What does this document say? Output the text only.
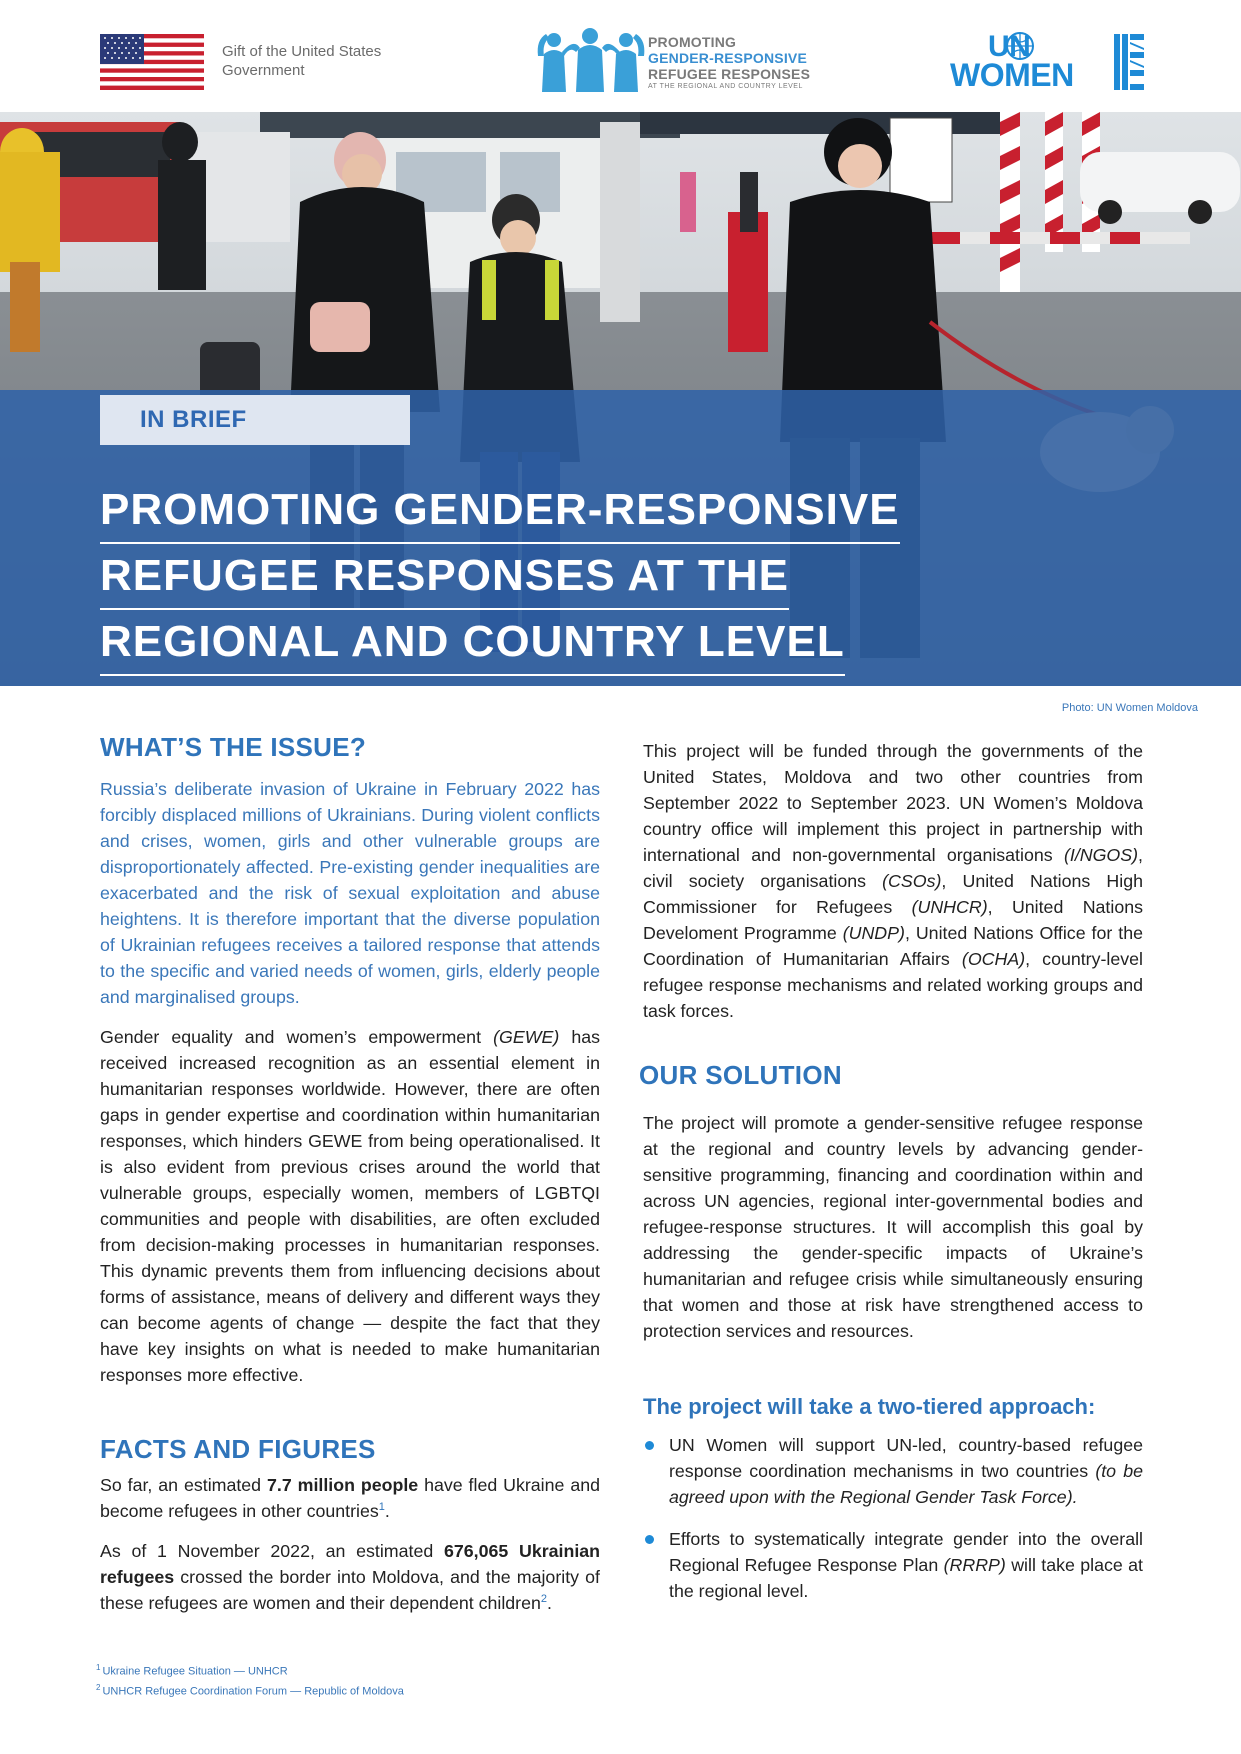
Gift of the United States
Government
PROMOTING
GENDER-RESPONSIVE
REFUGEE RESPONSES
AT THE REGIONAL AND COUNTRY LEVEL
UN
WOMEN
IN BRIEF
PROMOTING GENDER-RESPONSIVE
REFUGEE RESPONSES AT THE
REGIONAL AND COUNTRY LEVEL
Photo: UN Women Moldova
WHAT’S THE ISSUE?

Russia’s deliberate invasion of Ukraine in February 2022 has forcibly displaced millions of Ukrainians. During violent conflicts and crises, women, girls and other vulnerable groups are disproportionately affected. Pre-existing gender inequalities are exacerbated and the risk of sexual exploitation and abuse heightens. It is therefore important that the diverse population of Ukrainian refugees receives a tailored response that attends to the specific and varied needs of women, girls, elderly people and marginalised groups.

Gender equality and women’s empowerment (GEWE) has received increased recognition as an essential element in humanitarian responses worldwide. However, there are often gaps in gender expertise and coordination within humanitarian responses, which hinders GEWE from being operationalised. It is also evident from previous crises around the world that vulnerable groups, especially women, members of LGBTQI communities and people with disabilities, are often excluded from decision-making processes in humanitarian responses. This dynamic prevents them from influencing decisions about forms of assistance, means of delivery and different ways they can become agents of change — despite the fact that they have key insights on what is needed to make humanitarian responses more effective.

FACTS AND FIGURES

So far, an estimated 7.7 million people have fled Ukraine and become refugees in other countries$^1$.

As of 1 November 2022, an estimated 676,065 Ukrainian refugees crossed the border into Moldova, and the majority of these refugees are women and their dependent children$^2$.

This project will be funded through the governments of the United States, Moldova and two other countries from September 2022 to September 2023. UN Women’s Moldova country office will implement this project in partnership with international and non-governmental organisations (I/NGOS), civil society organisations (CSOs), United Nations High Commissioner for Refugees (UNHCR), United Nations Develoment Programme (UNDP), United Nations Office for the Coordination of Humanitarian Affairs (OCHA), country-level refugee response mechanisms and related working groups and task forces.

OUR SOLUTION

The project will promote a gender-sensitive refugee response at the regional and country levels by advancing gender-sensitive programming, financing and coordination within and across UN agencies, regional inter-governmental bodies and refugee-response structures. It will accomplish this goal by addressing the gender-specific impacts of Ukraine’s humanitarian and refugee crisis while simultaneously ensuring that women and those at risk have strengthened access to protection services and resources.

The project will take a two-tiered approach:
UN Women will support UN-led, country-based refugee response coordination mechanisms in two countries (to be agreed upon with the Regional Gender Task Force).
Efforts to systematically integrate gender into the overall Regional Refugee Response Plan (RRRP) will take place at the regional level.
$^1$ Ukraine Refugee Situation — UNHCR
$^2$ UNHCR Refugee Coordination Forum — Republic of Moldova
